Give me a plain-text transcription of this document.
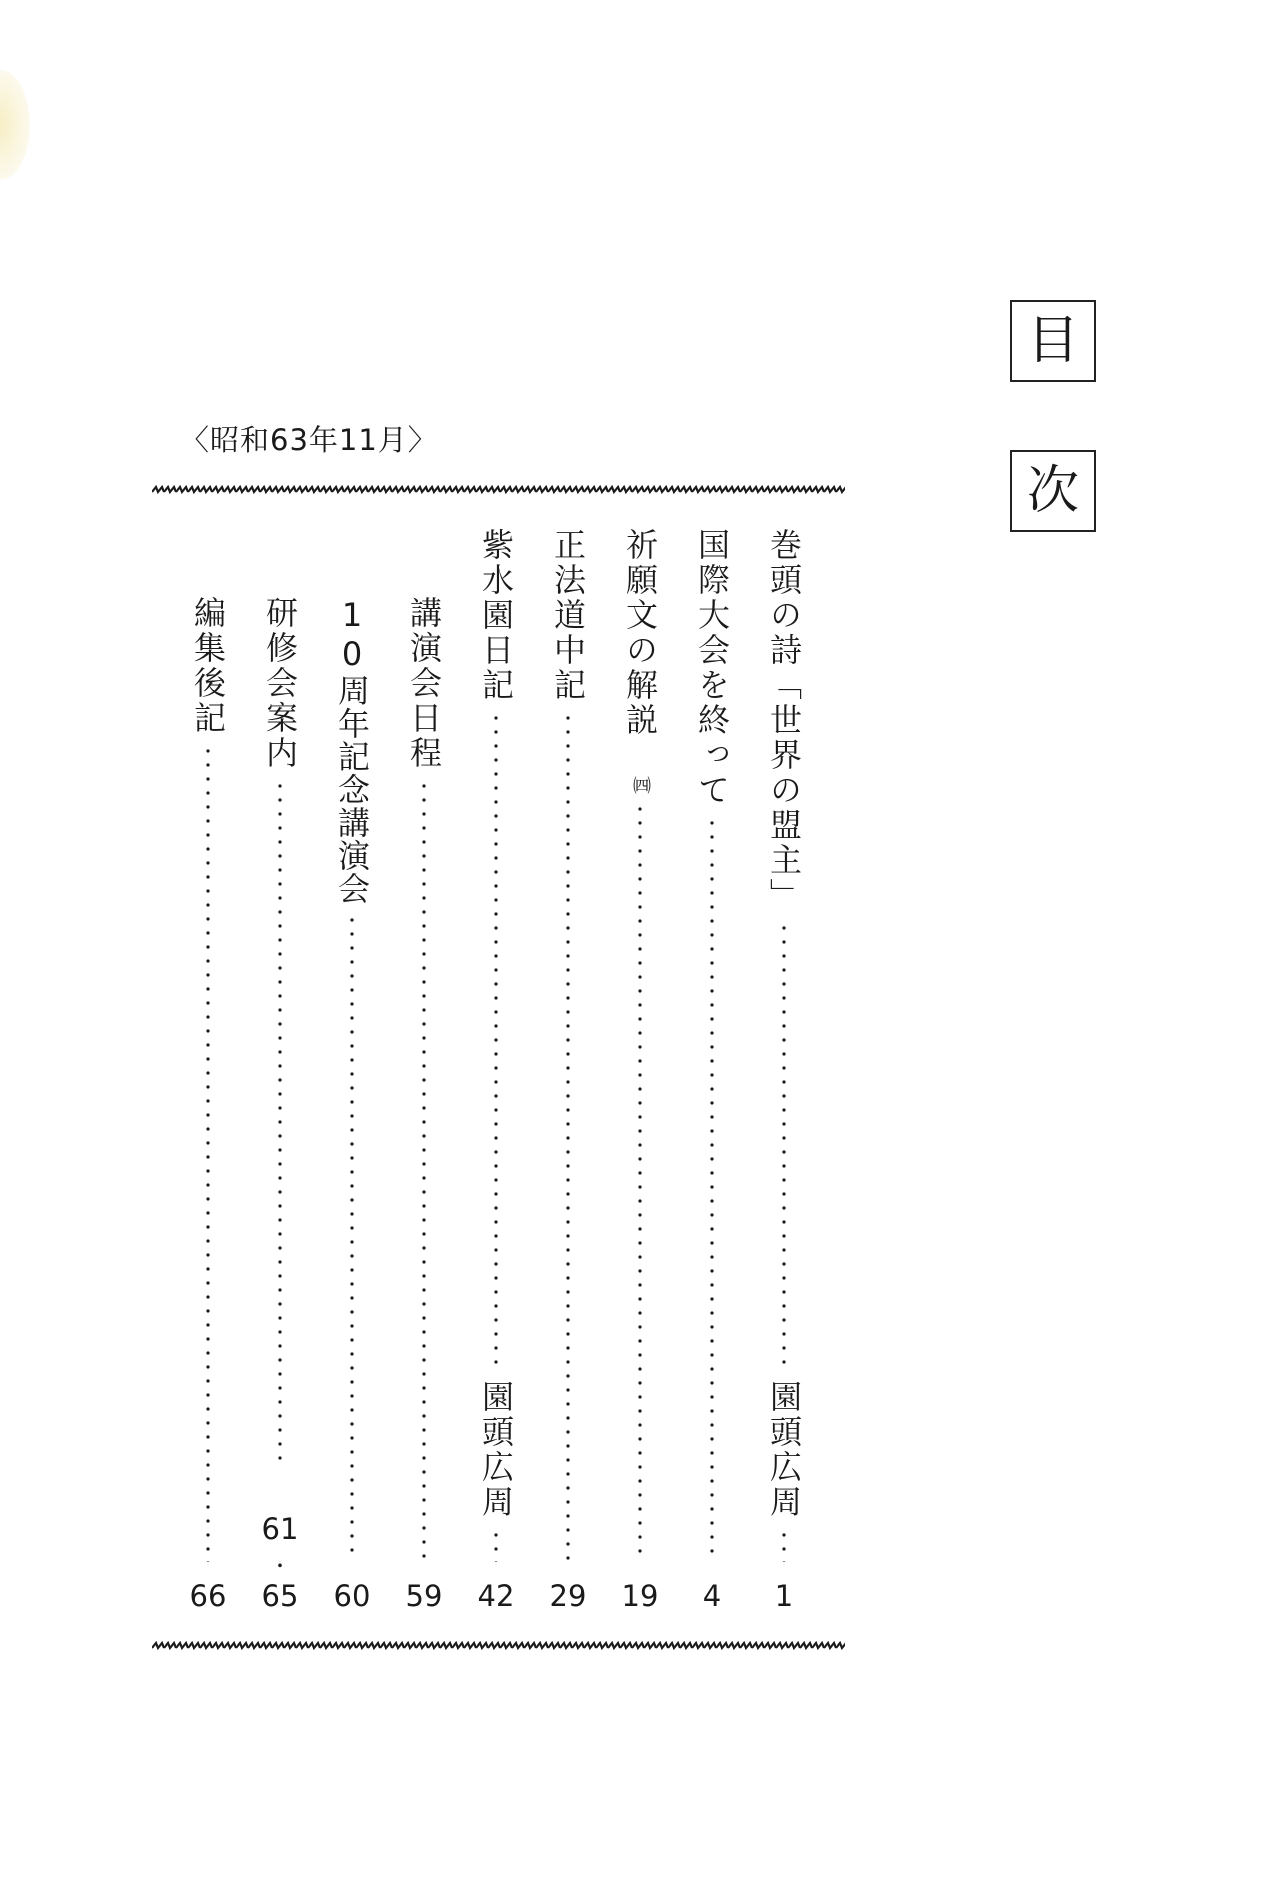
目
次
〈昭和63年11月〉
巻頭の詩「世界の盟主」
園頭広周
1
国際大会を終って
4
祈願文の解説
㈣
19
正法道中記
29
紫水園日記
園頭広周
42
講演会日程
59
10周年記念講演会
60
研修会案内
61
・
65
編集後記
66
